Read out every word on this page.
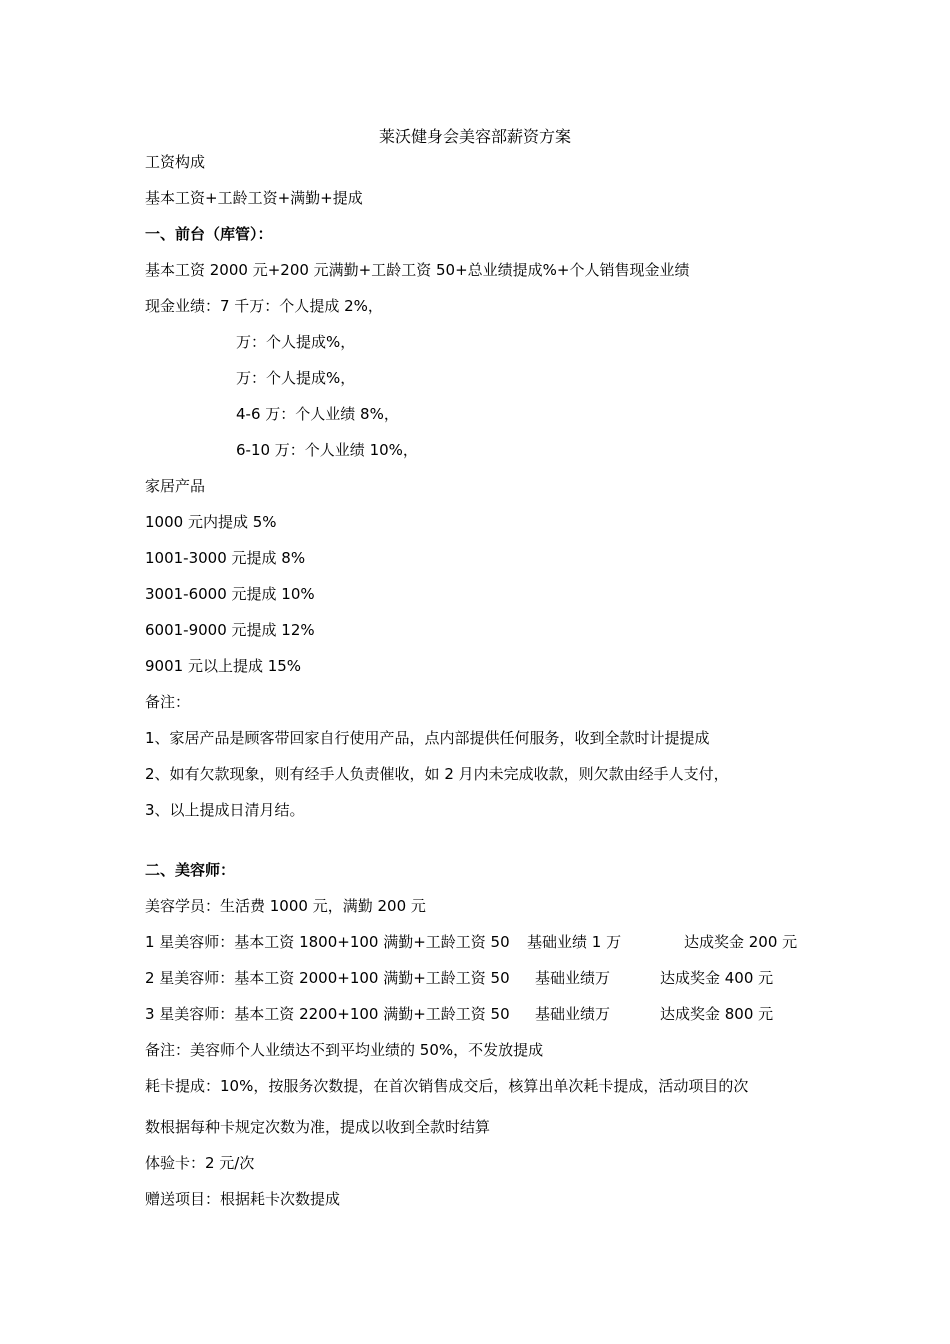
莱沃健身会美容部薪资方案
工资构成
基本工资+工龄工资+满勤+提成
一、前台（库管）：
基本工资 2000 元+200 元满勤+工龄工资 50+总业绩提成%+个人销售现金业绩
现金业绩：7 千万：个人提成 2%，
万：个人提成%，
万：个人提成%，
4-6 万：个人业绩 8%，
6-10 万：个人业绩 10%，
家居产品
1000 元内提成 5%
1001-3000 元提成 8%
3001-6000 元提成 10%
6001-9000 元提成 12%
9001 元以上提成 15%
备注：
1、家居产品是顾客带回家自行使用产品，点内部提供任何服务，收到全款时计提提成
2、如有欠款现象，则有经手人负责催收，如 2 月内未完成收款，则欠款由经手人支付，
3、以上提成日清月结。
二、美容师：
美容学员：生活费 1000 元，满勤 200 元
1 星美容师：基本工资 1800+100 满勤+工龄工资 50 基础业绩 1 万	达成奖金 200 元
2 星美容师：基本工资 2000+100 满勤+工龄工资 50 基础业绩万	达成奖金 400 元
3 星美容师：基本工资 2200+100 满勤+工龄工资 50 基础业绩万	达成奖金 800 元
备注：美容师个人业绩达不到平均业绩的 50%，不发放提成
耗卡提成：10%，按服务次数提，在首次销售成交后，核算出单次耗卡提成，活动项目的次
数根据每种卡规定次数为准，提成以收到全款时结算
体验卡：2 元/次
赠送项目：根据耗卡次数提成
